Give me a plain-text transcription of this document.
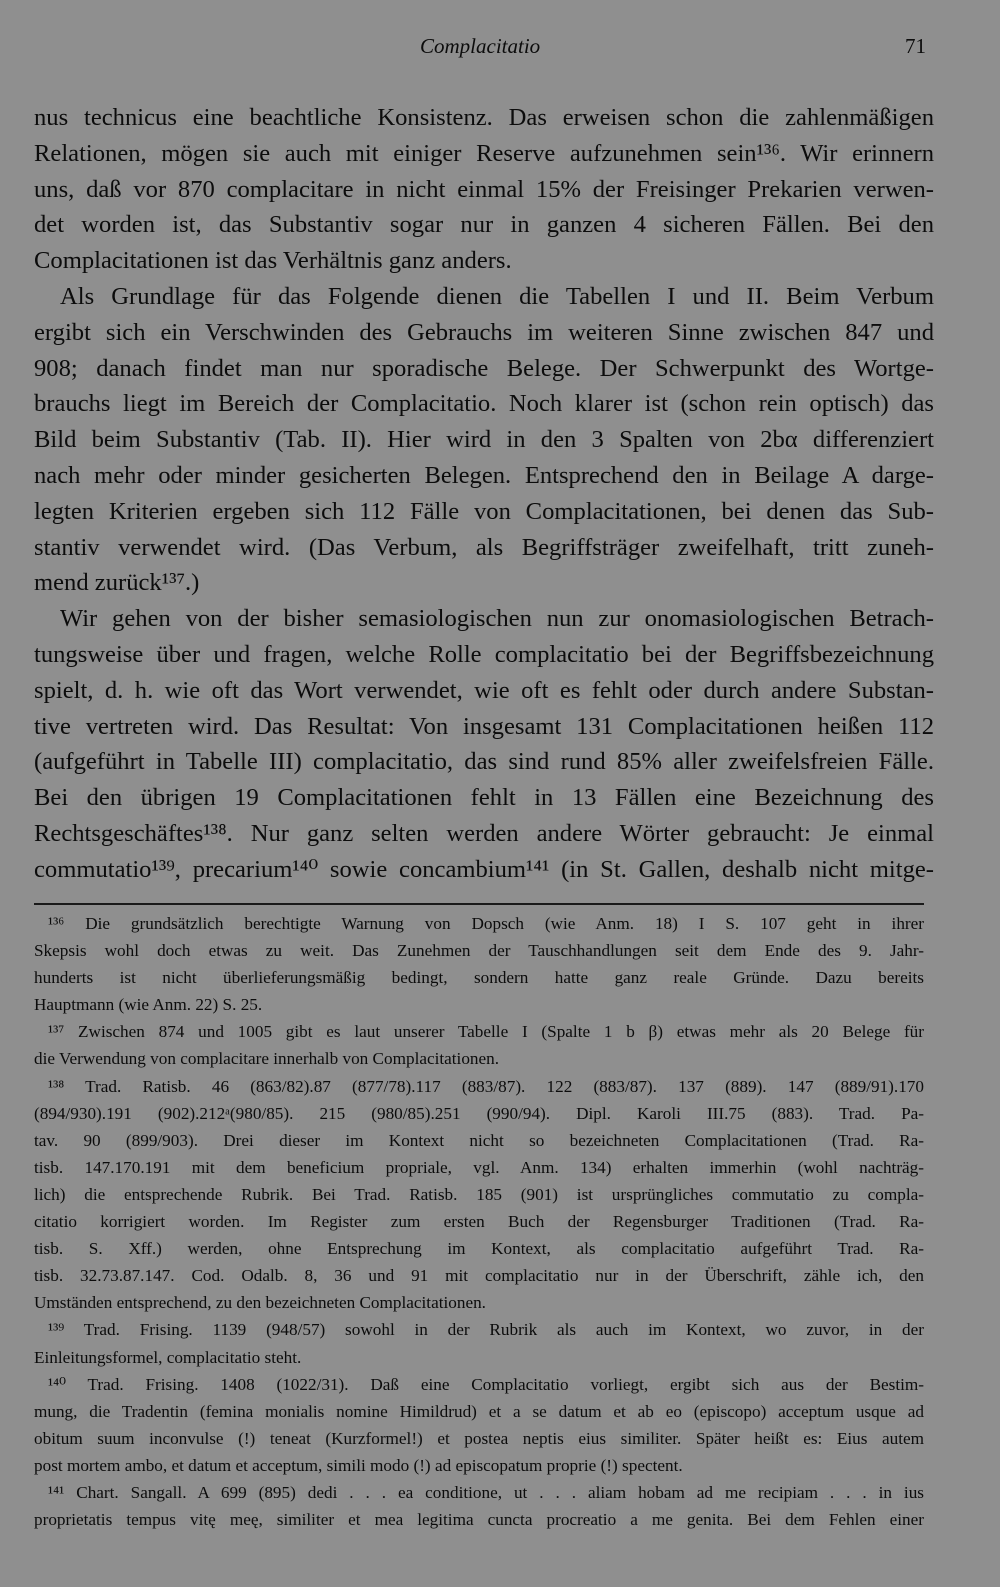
Complacitatio	71
nus technicus eine beachtliche Konsistenz. Das erweisen schon die zahlenmäßigen
Relationen, mögen sie auch mit einiger Reserve aufzunehmen sein¹³⁶. Wir erinnern
uns, daß vor 870 complacitare in nicht einmal 15% der Freisinger Prekarien verwen-
det worden ist, das Substantiv sogar nur in ganzen 4 sicheren Fällen. Bei den
Complacitationen ist das Verhältnis ganz anders.
Als Grundlage für das Folgende dienen die Tabellen I und II. Beim Verbum
ergibt sich ein Verschwinden des Gebrauchs im weiteren Sinne zwischen 847 und
908; danach findet man nur sporadische Belege. Der Schwerpunkt des Wortge-
brauchs liegt im Bereich der Complacitatio. Noch klarer ist (schon rein optisch) das
Bild beim Substantiv (Tab. II). Hier wird in den 3 Spalten von 2bα differenziert
nach mehr oder minder gesicherten Belegen. Entsprechend den in Beilage A darge-
legten Kriterien ergeben sich 112 Fälle von Complacitationen, bei denen das Sub-
stantiv verwendet wird. (Das Verbum, als Begriffsträger zweifelhaft, tritt zuneh-
mend zurück¹³⁷.)
Wir gehen von der bisher semasiologischen nun zur onomasiologischen Betrach-
tungsweise über und fragen, welche Rolle complacitatio bei der Begriffsbezeichnung
spielt, d. h. wie oft das Wort verwendet, wie oft es fehlt oder durch andere Substan-
tive vertreten wird. Das Resultat: Von insgesamt 131 Complacitationen heißen 112
(aufgeführt in Tabelle III) complacitatio, das sind rund 85% aller zweifelsfreien Fälle.
Bei den übrigen 19 Complacitationen fehlt in 13 Fällen eine Bezeichnung des
Rechtsgeschäftes¹³⁸. Nur ganz selten werden andere Wörter gebraucht: Je einmal
commutatio¹³⁹, precarium¹⁴⁰ sowie concambium¹⁴¹ (in St. Gallen, deshalb nicht mitge-
¹³⁶ Die grundsätzlich berechtigte Warnung von Dopsch (wie Anm. 18) I S. 107 geht in ihrer
Skepsis wohl doch etwas zu weit. Das Zunehmen der Tauschhandlungen seit dem Ende des 9. Jahr-
hunderts ist nicht überlieferungsmäßig bedingt, sondern hatte ganz reale Gründe. Dazu bereits
Hauptmann (wie Anm. 22) S. 25.
¹³⁷ Zwischen 874 und 1005 gibt es laut unserer Tabelle I (Spalte 1 b β) etwas mehr als 20 Belege für
die Verwendung von complacitare innerhalb von Complacitationen.
¹³⁸ Trad. Ratisb. 46 (863/82).87 (877/78).117 (883/87). 122 (883/87). 137 (889). 147 (889/91).170
(894/930).191 (902).212ᵃ(980/85). 215 (980/85).251 (990/94). Dipl. Karoli III.75 (883). Trad. Pa-
tav. 90 (899/903). Drei dieser im Kontext nicht so bezeichneten Complacitationen (Trad. Ra-
tisb. 147.170.191 mit dem beneficium propriale, vgl. Anm. 134) erhalten immerhin (wohl nachträg-
lich) die entsprechende Rubrik. Bei Trad. Ratisb. 185 (901) ist ursprüngliches commutatio zu compla-
citatio korrigiert worden. Im Register zum ersten Buch der Regensburger Traditionen (Trad. Ra-
tisb. S. Xff.) werden, ohne Entsprechung im Kontext, als complacitatio aufgeführt Trad. Ra-
tisb. 32.73.87.147. Cod. Odalb. 8, 36 und 91 mit complacitatio nur in der Überschrift, zähle ich, den
Umständen entsprechend, zu den bezeichneten Complacitationen.
¹³⁹ Trad. Frising. 1139 (948/57) sowohl in der Rubrik als auch im Kontext, wo zuvor, in der
Einleitungsformel, complacitatio steht.
¹⁴⁰ Trad. Frising. 1408 (1022/31). Daß eine Complacitatio vorliegt, ergibt sich aus der Bestim-
mung, die Tradentin (femina monialis nomine Himildrud) et a se datum et ab eo (episcopo) acceptum usque ad
obitum suum inconvulse (!) teneat (Kurzformel!) et postea neptis eius similiter. Später heißt es: Eius autem
post mortem ambo, et datum et acceptum, simili modo (!) ad episcopatum proprie (!) spectent.
¹⁴¹ Chart. Sangall. A 699 (895) dedi . . . ea conditione, ut . . . aliam hobam ad me recipiam . . . in ius
proprietatis tempus vitę meę, similiter et mea legitima cuncta procreatio a me genita. Bei dem Fehlen einer
